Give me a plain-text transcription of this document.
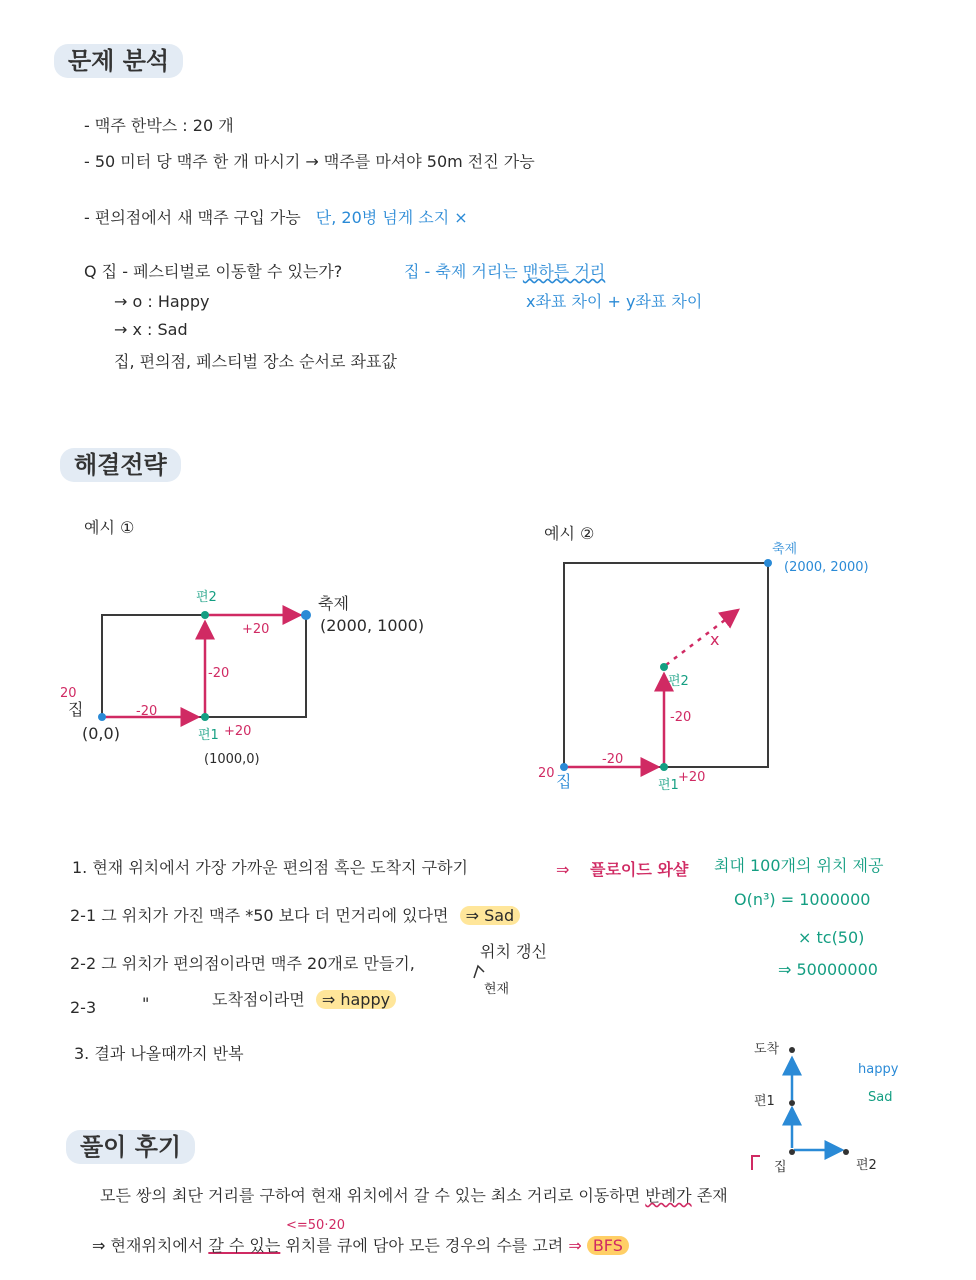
문제 분석
해결전략
풀이 후기
- 맥주 한박스 : 20 개
- 50 미터 당 맥주 한 개 마시기 → 맥주를 마셔야 50m 전진 가능
- 편의점에서 새 맥주 구입 가능 단, 20병 넘게 소지 ×
Q 집 - 페스티벌로 이동할 수 있는가?
→ o : Happy
→ x : Sad
집, 편의점, 페스티벌 장소 순서로 좌표값
집 - 축제 거리는 맨하튼 거리
x좌표 차이 + y좌표 차이
예시 ①	예시 ②
편2
+20
축제
(2000, 1000)
-20
20
집	-20
(0,0)	편1 +20
(1000,0)
축제
(2000, 2000)
x
편2
-20
20 집
-20
편1
+20
1. 현재 위치에서 가장 가까운 편의점 혹은 도착지 구하기	⇒ 플로이드 와샬 최대 100개의 위치 제공
O(n³) = 1000000
× tc(50)
⇒ 50000000
2-1 그 위치가 가진 맥주 *50 보다 더 먼거리에 있다면 ⇒ Sad
2-2 그 위치가 편의점이라면 맥주 20개로 만들기,
위치 갱신
현재
2-3	"	도착점이라면 ⇒ happy
3. 결과 나올때까지 반복	도착
편1
집	편2
happy
Sad
모든 쌍의 최단 거리를 구하여 현재 위치에서 갈 수 있는 최소 거리로 이동하면 반례가 존재
<=50·20
⇒ 현재위치에서 갈 수 있는 위치를 큐에 담아 모든 경우의 수를 고려 ⇒ BFS
